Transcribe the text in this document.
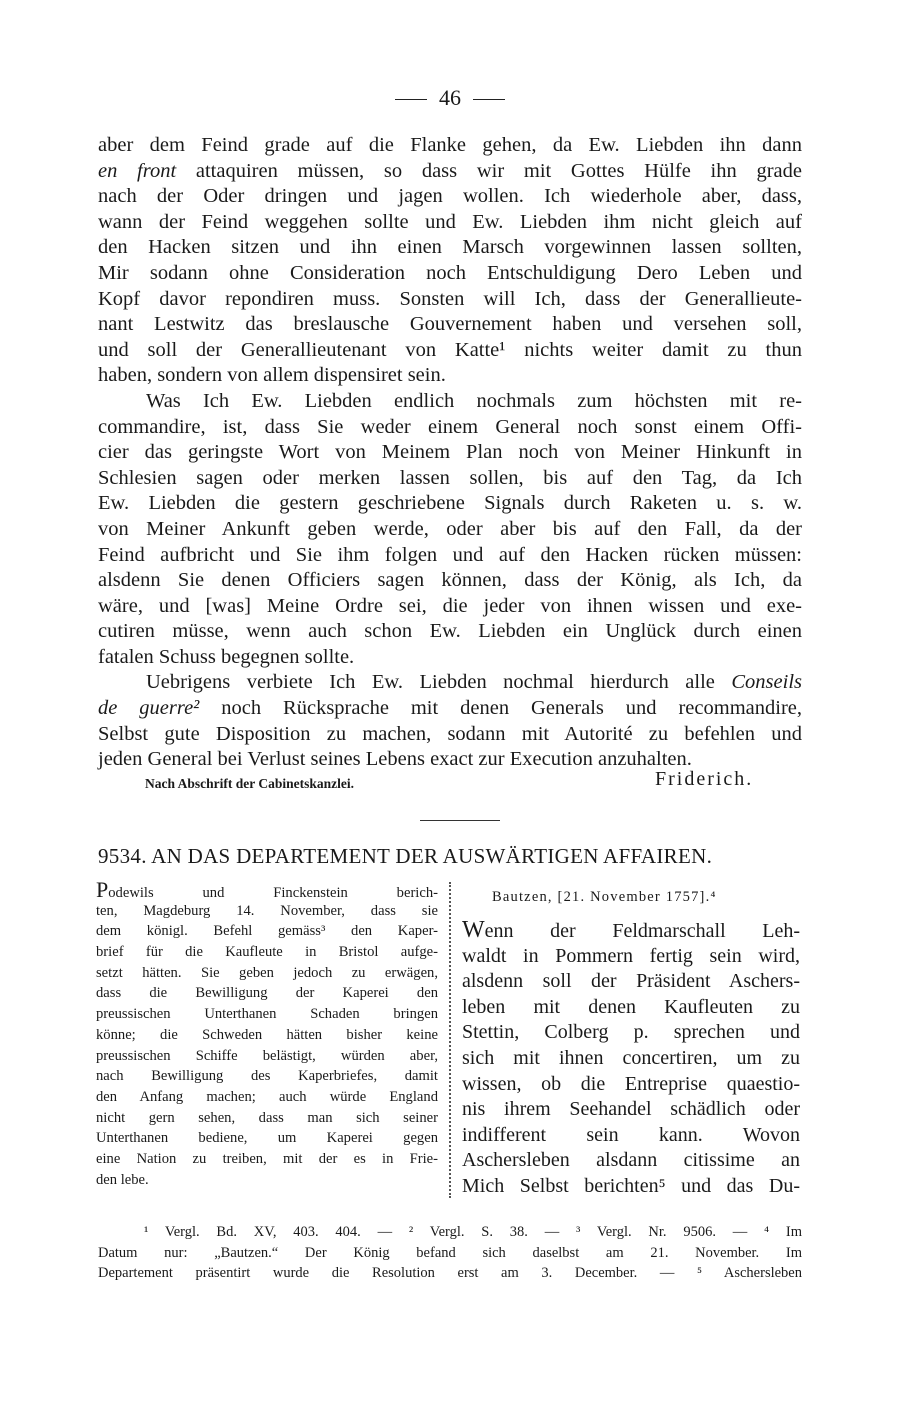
46
aber dem Feind grade auf die Flanke gehen, da Ew. Liebden ihn dann
en front attaquiren müssen, so dass wir mit Gottes Hülfe ihn grade
nach der Oder dringen und jagen wollen. Ich wiederhole aber, dass,
wann der Feind weggehen sollte und Ew. Liebden ihm nicht gleich auf
den Hacken sitzen und ihn einen Marsch vorgewinnen lassen sollten,
Mir sodann ohne Consideration noch Entschuldigung Dero Leben und
Kopf davor repondiren muss. Sonsten will Ich, dass der Generallieute-
nant Lestwitz das breslausche Gouvernement haben und versehen soll,
und soll der Generallieutenant von Katte¹ nichts weiter damit zu thun
haben, sondern von allem dispensiret sein.
Was Ich Ew. Liebden endlich nochmals zum höchsten mit re-
commandire, ist, dass Sie weder einem General noch sonst einem Offi-
cier das geringste Wort von Meinem Plan noch von Meiner Hinkunft in
Schlesien sagen oder merken lassen sollen, bis auf den Tag, da Ich
Ew. Liebden die gestern geschriebene Signals durch Raketen u. s. w.
von Meiner Ankunft geben werde, oder aber bis auf den Fall, da der
Feind aufbricht und Sie ihm folgen und auf den Hacken rücken müssen:
alsdenn Sie denen Officiers sagen können, dass der König, als Ich, da
wäre, und [was] Meine Ordre sei, die jeder von ihnen wissen und exe-
cutiren müsse, wenn auch schon Ew. Liebden ein Unglück durch einen
fatalen Schuss begegnen sollte.
Uebrigens verbiete Ich Ew. Liebden nochmal hierdurch alle Conseils
de guerre² noch Rücksprache mit denen Generals und recommandire,
Selbst gute Disposition zu machen, sodann mit Autorité zu befehlen und
jeden General bei Verlust seines Lebens exact zur Execution anzuhalten.
Nach Abschrift der Cabinetskanzlei.	Friderich.
9534. AN DAS DEPARTEMENT DER AUSWÄRTIGEN AFFAIREN.
Podewils und Finckenstein berich-
ten, Magdeburg 14. November, dass sie
dem königl. Befehl gemäss³ den Kaper-
brief für die Kaufleute in Bristol aufge-
setzt hätten. Sie geben jedoch zu erwägen,
dass die Bewilligung der Kaperei den
preussischen Unterthanen Schaden bringen
könne; die Schweden hätten bisher keine
preussischen Schiffe belästigt, würden aber,
nach Bewilligung des Kaperbriefes, damit
den Anfang machen; auch würde England
nicht gern sehen, dass man sich seiner
Unterthanen bediene, um Kaperei gegen
eine Nation zu treiben, mit der es in Frie-
den lebe.
Bautzen, [21. November 1757].⁴
Wenn der Feldmarschall Leh-
waldt in Pommern fertig sein wird,
alsdenn soll der Präsident Aschers-
leben mit denen Kaufleuten zu
Stettin, Colberg p. sprechen und
sich mit ihnen concertiren, um zu
wissen, ob die Entreprise quaestio-
nis ihrem Seehandel schädlich oder
indifferent sein kann. Wovon
Aschersleben alsdann citissime an
Mich Selbst berichten⁵ und das Du-
¹ Vergl. Bd. XV, 403. 404. — ² Vergl. S. 38. — ³ Vergl. Nr. 9506. — ⁴ Im
Datum nur: „Bautzen.“ Der König befand sich daselbst am 21. November. Im
Departement präsentirt wurde die Resolution erst am 3. December. — ⁵ Aschersleben
